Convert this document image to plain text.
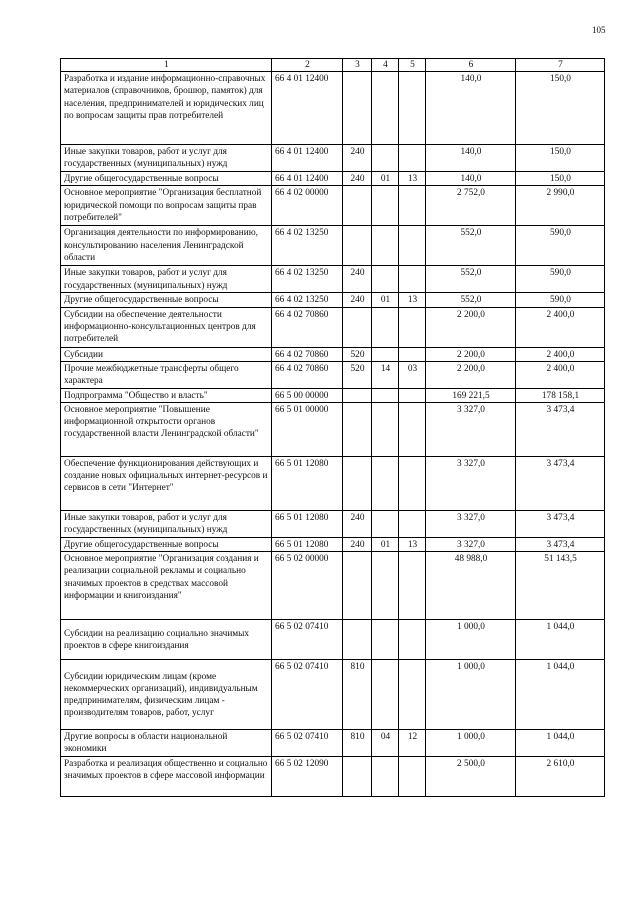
105
1	2	3	4	5	6	7
Разработка и издание информационно-справочных материалов (справочников, брошюр, памяток) для населения, предпринимателей и юридических лиц по вопросам защиты прав потребителей	66 4 01 12400				140,0	150,0
Иные закупки товаров, работ и услуг для государственных (муниципальных) нужд	66 4 01 12400	240			140,0	150,0
Другие общегосударственные вопросы	66 4 01 12400	240	01	13	140,0	150,0
Основное мероприятие "Организация бесплатной юридической помощи по вопросам защиты прав потребителей"	66 4 02 00000				2 752,0	2 990,0
Организация деятельности по информированию, консультированию населения Ленинградской области	66 4 02 13250				552,0	590,0
Иные закупки товаров, работ и услуг для государственных (муниципальных) нужд	66 4 02 13250	240			552,0	590,0
Другие общегосударственные вопросы	66 4 02 13250	240	01	13	552,0	590,0
Субсидии на обеспечение деятельности информационно-консультационных центров для потребителей	66 4 02 70860				2 200,0	2 400,0
Субсидии	66 4 02 70860	520			2 200,0	2 400,0
Прочие межбюджетные трансферты общего характера	66 4 02 70860	520	14	03	2 200,0	2 400,0
Подпрограмма "Общество и власть"	66 5 00 00000				169 221,5	178 158,1
Основное мероприятие "Повышение информационной открытости органов государственной власти Ленинградской области"	66 5 01 00000				3 327,0	3 473,4
Обеспечение функционирования действующих и создание новых официальных интернет-ресурсов и сервисов в сети "Интернет"	66 5 01 12080				3 327,0	3 473,4
Иные закупки товаров, работ и услуг для государственных (муниципальных) нужд	66 5 01 12080	240			3 327,0	3 473,4
Другие общегосударственные вопросы	66 5 01 12080	240	01	13	3 327,0	3 473,4
Основное мероприятие "Организация создания и реализации социальной рекламы и социально значимых проектов в средствах массовой информации и книгоиздания"	66 5 02 00000				48 988,0	51 143,5
Субсидии на реализацию социально значимых проектов в сфере книгоиздания	66 5 02 07410				1 000,0	1 044,0
Субсидии юридическим лицам (кроме некоммерческих организаций), индивидуальным предпринимателям, физическим лицам - производителям товаров, работ, услуг	66 5 02 07410	810			1 000,0	1 044,0
Другие вопросы в области национальной экономики	66 5 02 07410	810	04	12	1 000,0	1 044,0
Разработка и реализация общественно и социально значимых проектов в сфере массовой информации	66 5 02 12090				2 500,0	2 610,0
